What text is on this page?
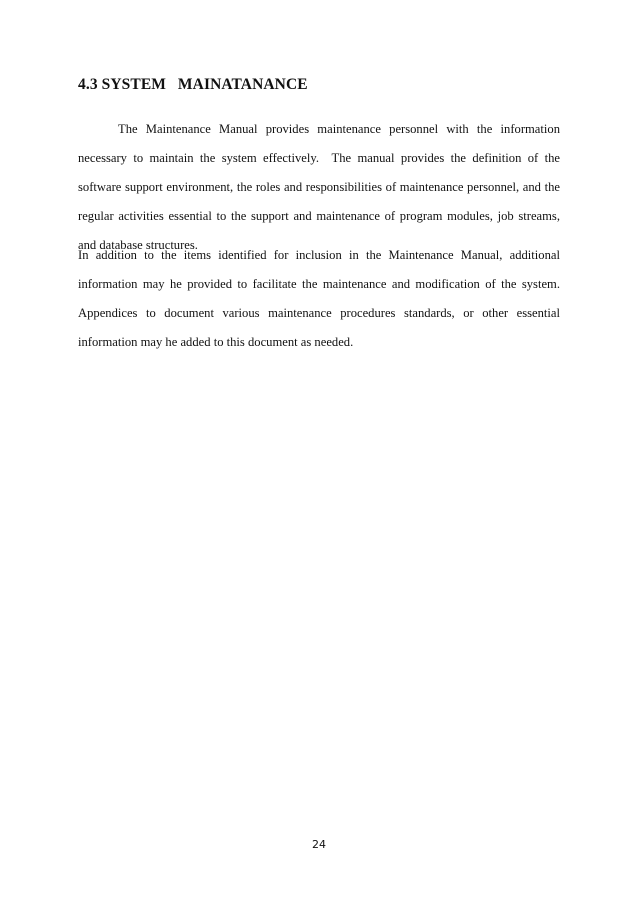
4.3 SYSTEM   MAINATANANCE

The Maintenance Manual provides maintenance personnel with the information necessary to maintain the system effectively.  The manual provides the definition of the software support environment, the roles and responsibilities of maintenance personnel, and the regular activities essential to the support and maintenance of program modules, job streams, and database structures.

In addition to the items identified for inclusion in the Maintenance Manual, additional information may he provided to facilitate the maintenance and modification of the system. Appendices to document various maintenance procedures standards, or other essential information may he added to this document as needed.

24
